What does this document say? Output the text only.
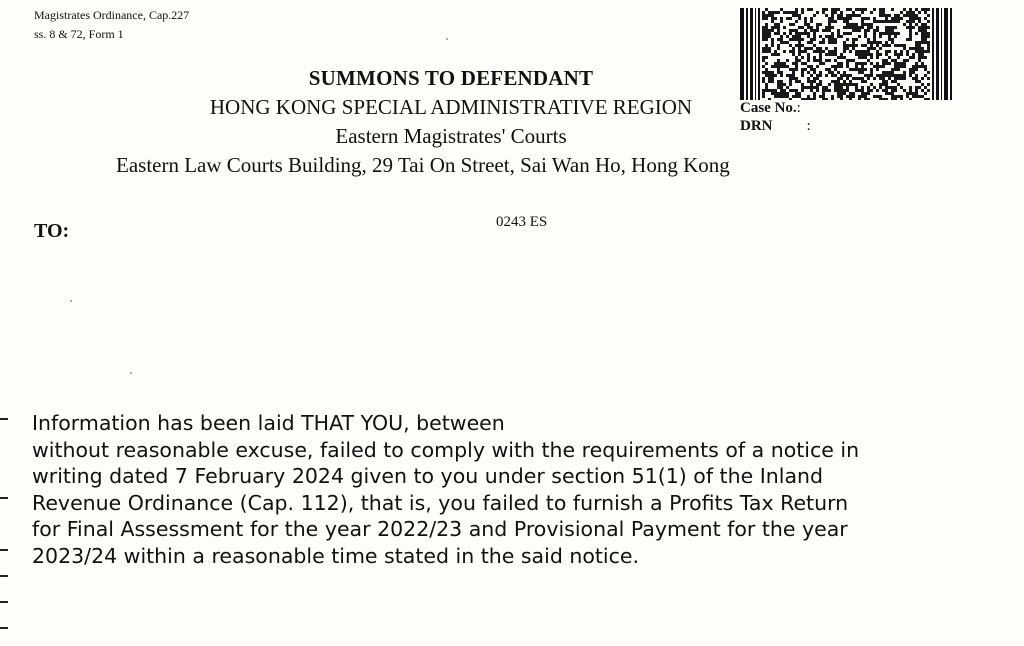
Magistrates Ordinance, Cap.227
ss. 8 & 72, Form 1
SUMMONS TO DEFENDANT
HONG KONG SPECIAL ADMINISTRATIVE REGION
Eastern Magistrates' Courts
Eastern Law Courts Building, 29 Tai On Street, Sai Wan Ho, Hong Kong
Case No.:
DRN :
TO:	0243 ES
Information has been laid THAT YOU, between
without reasonable excuse, failed to comply with the requirements of a notice in
writing dated 7 February 2024 given to you under section 51(1) of the Inland
Revenue Ordinance (Cap. 112), that is, you failed to furnish a Profits Tax Return
for Final Assessment for the year 2022/23 and Provisional Payment for the year
2023/24 within a reasonable time stated in the said notice.
